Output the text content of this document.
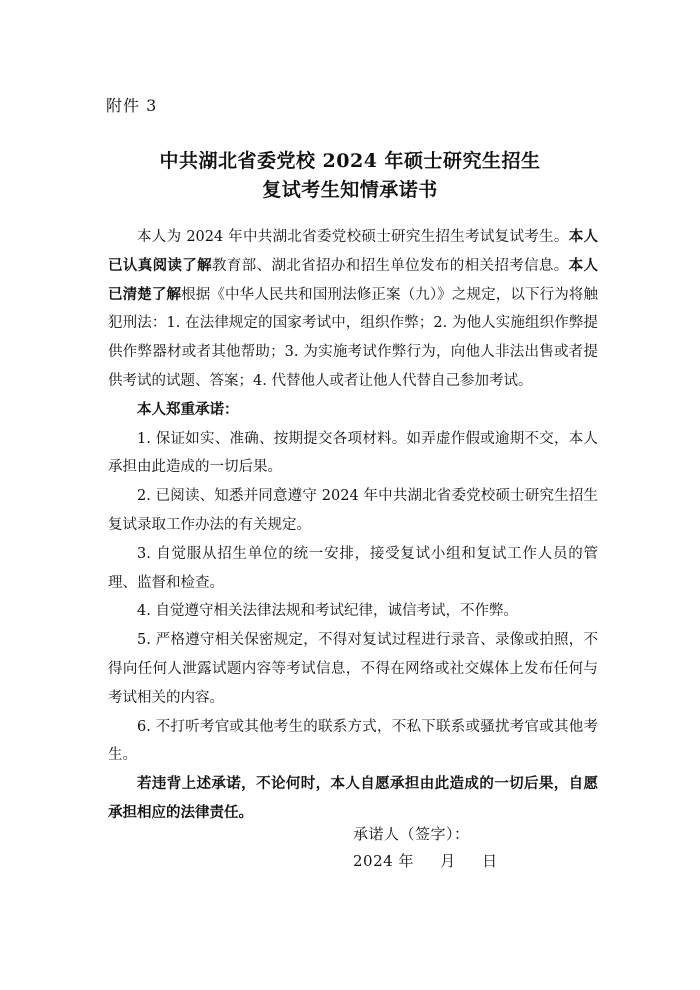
附件 3
中共湖北省委党校 2024 年硕士研究生招生
复试考生知情承诺书

本人为 2024 年中共湖北省委党校硕士研究生招生考试复试考生。本人已认真阅读了解教育部、湖北省招办和招生单位发布的相关招考信息。本人已清楚了解根据《中华人民共和国刑法修正案（九）》之规定，以下行为将触犯刑法：1. 在法律规定的国家考试中，组织作弊；2. 为他人实施组织作弊提供作弊器材或者其他帮助；3. 为实施考试作弊行为，向他人非法出售或者提供考试的试题、答案；4. 代替他人或者让他人代替自己参加考试。

本人郑重承诺：

1. 保证如实、准确、按期提交各项材料。如弄虚作假或逾期不交，本人承担由此造成的一切后果。

2. 已阅读、知悉并同意遵守 2024 年中共湖北省委党校硕士研究生招生复试录取工作办法的有关规定。

3. 自觉服从招生单位的统一安排，接受复试小组和复试工作人员的管理、监督和检查。

4. 自觉遵守相关法律法规和考试纪律，诚信考试，不作弊。

5. 严格遵守相关保密规定，不得对复试过程进行录音、录像或拍照，不得向任何人泄露试题内容等考试信息，不得在网络或社交媒体上发布任何与考试相关的内容。

6. 不打听考官或其他考生的联系方式，不私下联系或骚扰考官或其他考生。

若违背上述承诺，不论何时，本人自愿承担由此造成的一切后果，自愿承担相应的法律责任。

承诺人（签字）：
2024 年     月     日
